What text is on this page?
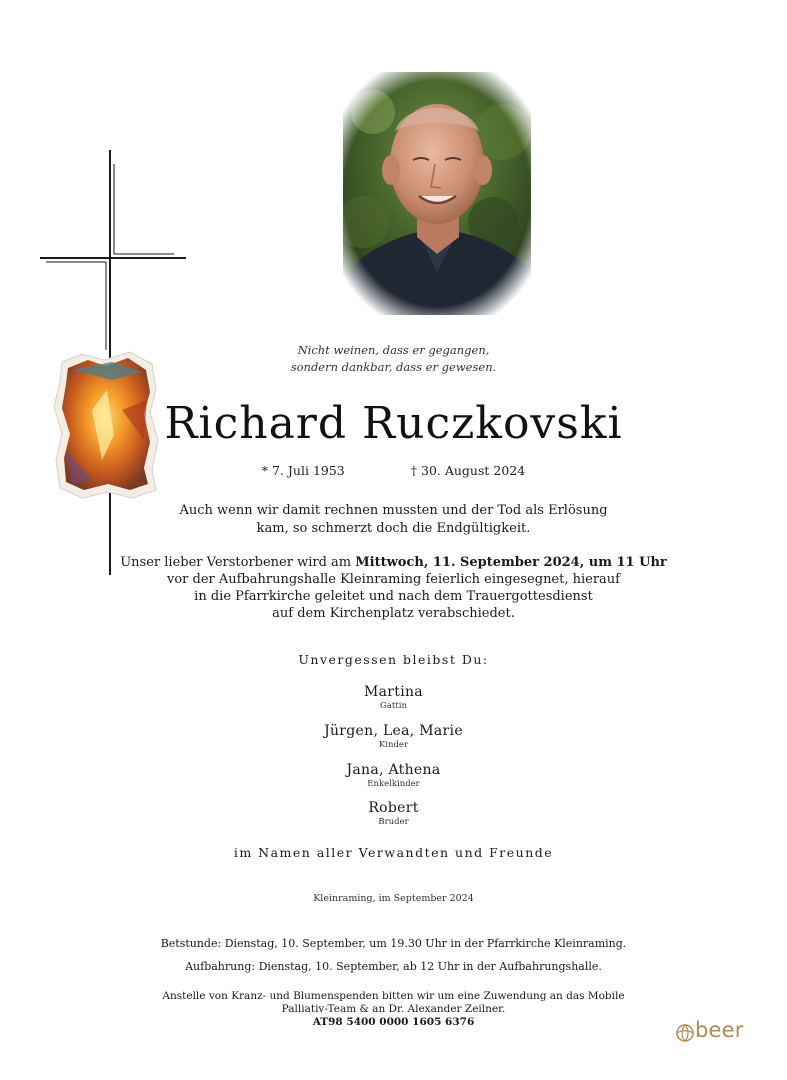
Nicht weinen, dass er gegangen,
sondern dankbar, dass er gewesen.
Richard Ruczkovski
* 7. Juli 1953	† 30. August 2024
Auch wenn wir damit rechnen mussten und der Tod als Erlösung
kam, so schmerzt doch die Endgültigkeit.
Unser lieber Verstorbener wird am Mittwoch, 11. September 2024, um 11 Uhr
vor der Aufbahrungshalle Kleinraming feierlich eingesegnet, hierauf
in die Pfarrkirche geleitet und nach dem Trauergottesdienst
auf dem Kirchenplatz verabschiedet.
Unvergessen bleibst Du:
Martina
Gattin
Jürgen, Lea, Marie
Kinder
Jana, Athena
Enkelkinder
Robert
Bruder
im Namen aller Verwandten und Freunde
Kleinraming, im September 2024
Betstunde: Dienstag, 10. September, um 19.30 Uhr in der Pfarrkirche Kleinraming.
Aufbahrung: Dienstag, 10. September, ab 12 Uhr in der Aufbahrungshalle.
Anstelle von Kranz- und Blumenspenden bitten wir um eine Zuwendung an das Mobile
Palliativ-Team & an Dr. Alexander Zeilner.
AT98 5400 0000 1605 6376	beer
